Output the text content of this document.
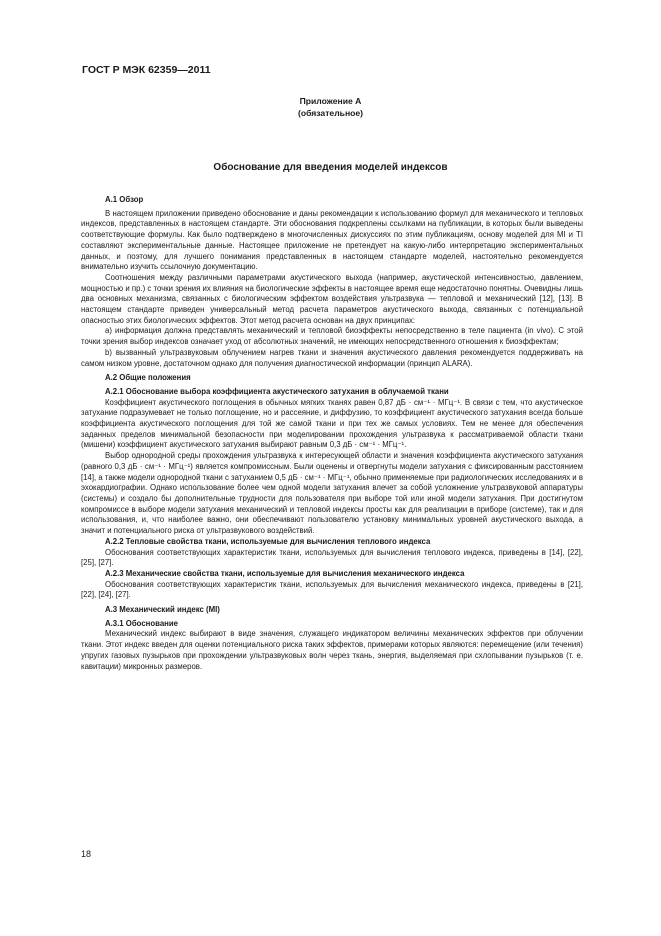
ГОСТ Р МЭК 62359—2011
Приложение А
(обязательное)
Обоснование для введения моделей индексов
А.1 Обзор

В настоящем приложении приведено обоснование и даны рекомендации к использованию формул для механического и тепловых индексов, представленных в настоящем стандарте. Эти обоснования подкреплены ссылками на публикации, в которых были выведены соответствующие формулы. Как было подтверждено в многочисленных дискуссиях по этим публикациям, основу моделей для MI и TI составляют экспериментальные данные. Настоящее приложение не претендует на какую-либо интерпретацию экспериментальных данных, и поэтому, для лучшего понимания представленных в настоящем стандарте моделей, настоятельно рекомендуется внимательно изучить ссылочную документацию.

Соотношения между различными параметрами акустического выхода (например, акустической интенсивностью, давлением, мощностью и пр.) с точки зрения их влияния на биологические эффекты в настоящее время еще недостаточно понятны. Очевидны лишь два основных механизма, связанных с биологическим эффектом воздействия ультразвука — тепловой и механический [12], [13]. В настоящем стандарте приведен универсальный метод расчета параметров акустического выхода, связанных с потенциальной опасностью этих биологических эффектов. Этот метод расчета основан на двух принципах:

а) информация должна представлять механический и тепловой биоэффекты непосредственно в теле пациента (in vivo). С этой точки зрения выбор индексов означает уход от абсолютных значений, не имеющих непосредственного отношения к биоэффектам;

b) вызванный ультразвуковым облучением нагрев ткани и значения акустического давления рекомендуется поддерживать на самом низком уровне, достаточном однако для получения диагностической информации (принцип ALARA).

А.2 Общие положения
А.2.1 Обоснование выбора коэффициента акустического затухания в облучаемой ткани

Коэффициент акустического поглощения в обычных мягких тканях равен 0,87 дБ · см⁻¹ · МГц⁻¹. В связи с тем, что акустическое затухание подразумевает не только поглощение, но и рассеяние, и диффузию, то коэффициент акустического затухания всегда больше коэффициента акустического поглощения для той же самой ткани и при тех же самых условиях. Тем не менее для обеспечения заданных пределов минимальной безопасности при моделировании прохождения ультразвука к рассматриваемой области ткани (мишени) коэффициент акустического затухания выбирают равным 0,3 дБ · см⁻¹ · МГц⁻¹.

Выбор однородной среды прохождения ультразвука к интересующей области и значения коэффициента акустического затухания (равного 0,3 дБ · см⁻¹ · МГц⁻¹) является компромиссным. Были оценены и отвергнуты модели затухания с фиксированным расстоянием [14], а также модели однородной ткани с затуханием 0,5 дБ · см⁻¹ · МГц⁻¹, обычно применяемые при радиологических исследованиях и в эхокардиографии. Однако использование более чем одной модели затухания влечет за собой усложнение ультразвуковой аппаратуры (системы) и создало бы дополнительные трудности для пользователя при выборе той или иной модели затухания. При достигнутом компромиссе в выборе модели затухания механический и тепловой индексы просты как для реализации в приборе (системе), так и для использования, и, что наиболее важно, они обеспечивают пользователю установку минимальных уровней акустического выхода, а значит и потенциального риска от ультразвукового воздействий.

А.2.2 Тепловые свойства ткани, используемые для вычисления теплового индекса

Обоснования соответствующих характеристик ткани, используемых для вычисления теплового индекса, приведены в [14], [22], [25], [27].

А.2.3 Механические свойства ткани, используемые для вычисления механического индекса

Обоснования соответствующих характеристик ткани, используемых для вычисления механического индекса, приведены в [21], [22], [24], [27].

А.3 Механический индекс (MI)
А.3.1 Обоснование

Механический индекс выбирают в виде значения, служащего индикатором величины механических эффектов при облучении ткани. Этот индекс введен для оценки потенциального риска таких эффектов, примерами которых являются: перемещение (или течения) упругих газовых пузырьков при прохождении ультразвуковых волн через ткань, энергия, выделяемая при схлопывании пузырьков (т. е. кавитации) микронных размеров.

18
